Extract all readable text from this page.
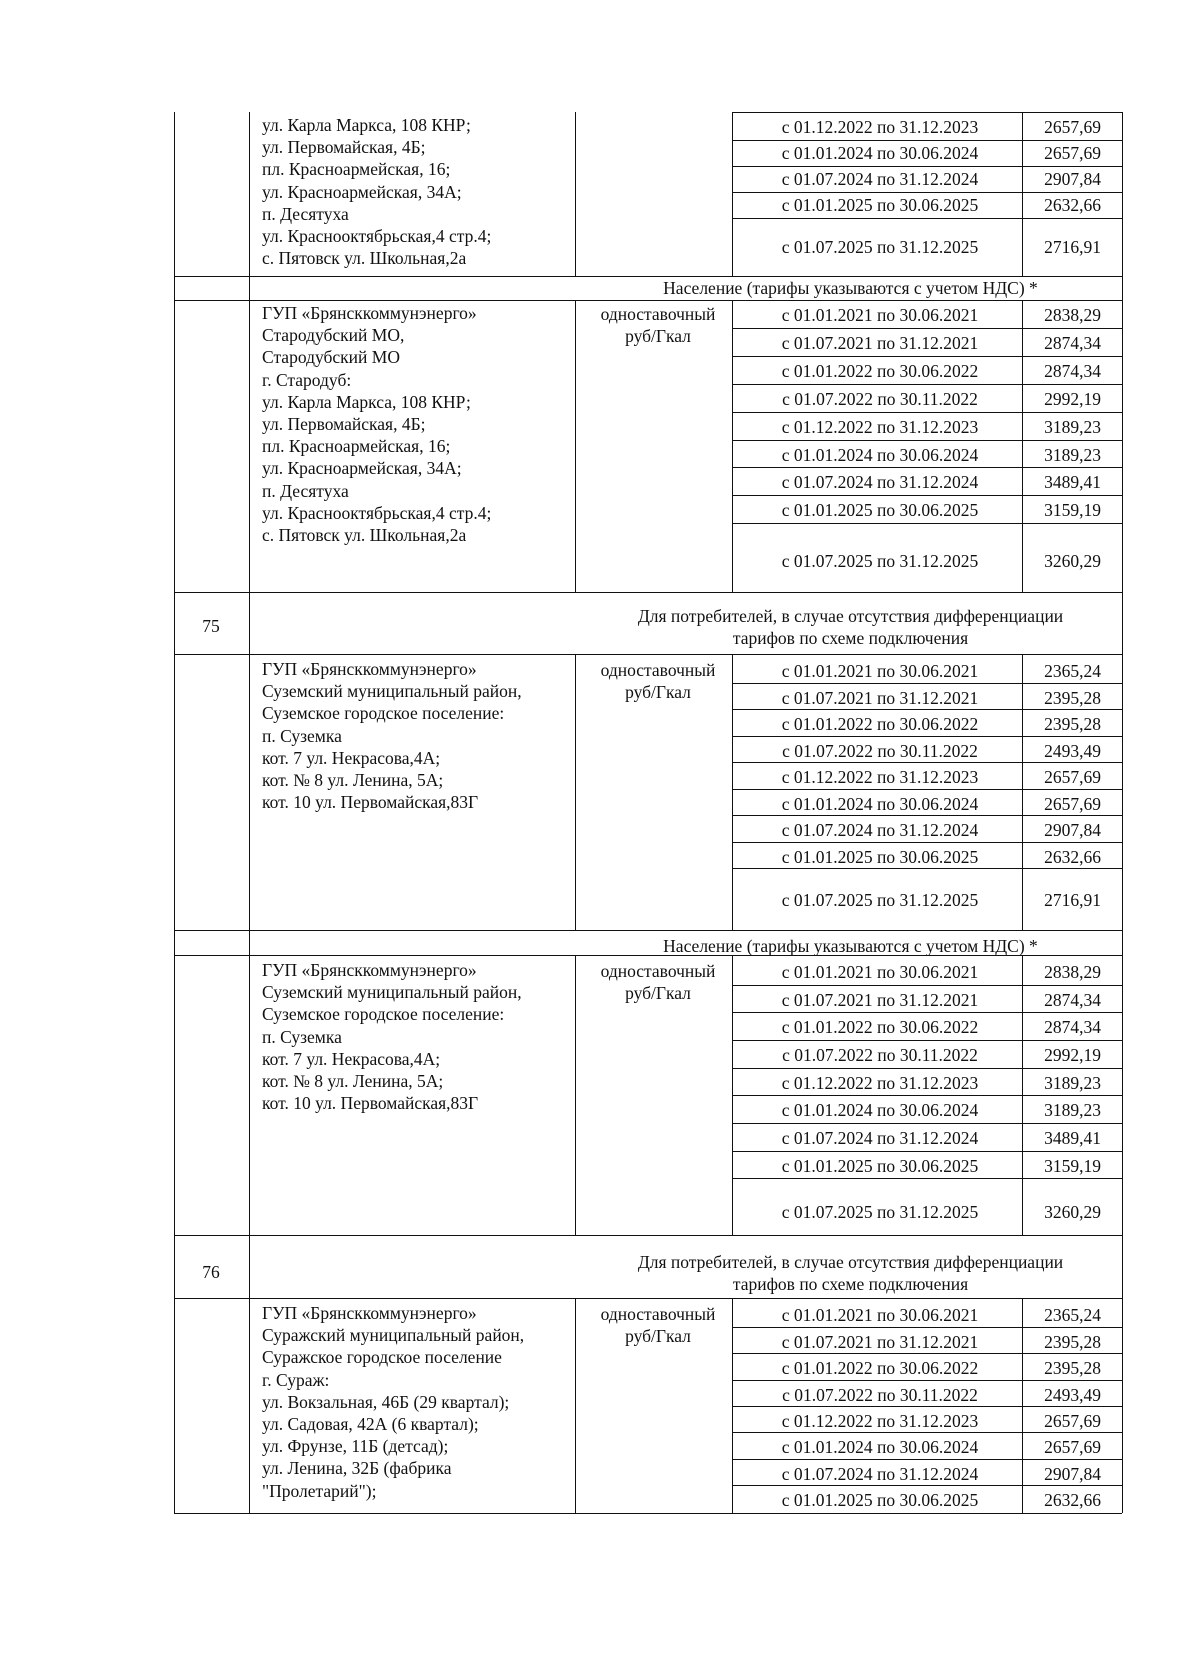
ул. Карла Маркса, 108 КНР;
ул. Первомайская, 4Б;
пл. Красноармейская, 16;
ул. Красноармейская, 34А;
п. Десятуха
ул. Краснооктябрьская,4 стр.4;
с. Пятовск ул. Школьная,2а
с 01.12.2022 по 31.12.2023	2657,69
с 01.01.2024 по 30.06.2024	2657,69
с 01.07.2024 по 31.12.2024	2907,84
с 01.01.2025 по 30.06.2025	2632,66
с 01.07.2025 по 31.12.2025	2716,91
Население (тарифы указываются с учетом НДС) *
ГУП «Брянсккоммунэнерго»
Стародубский МО,
Стародубский МО
г. Стародуб:
ул. Карла Маркса, 108 КНР;
ул. Первомайская, 4Б;
пл. Красноармейская, 16;
ул. Красноармейская, 34А;
п. Десятуха
ул. Краснооктябрьская,4 стр.4;
с. Пятовск ул. Школьная,2а
одноставочный
руб/Гкал
с 01.01.2021 по 30.06.2021	2838,29
с 01.07.2021 по 31.12.2021	2874,34
с 01.01.2022 по 30.06.2022	2874,34
с 01.07.2022 по 30.11.2022	2992,19
с 01.12.2022 по 31.12.2023	3189,23
с 01.01.2024 по 30.06.2024	3189,23
с 01.07.2024 по 31.12.2024	3489,41
с 01.01.2025 по 30.06.2025	3159,19
с 01.07.2025 по 31.12.2025	3260,29
75	Для потребителей, в случае отсутствия дифференциации
тарифов по схеме подключения
ГУП «Брянсккоммунэнерго»
Суземский муниципальный район,
Суземское городское поселение:
п. Суземка
кот. 7 ул. Некрасова,4А;
кот. № 8 ул. Ленина, 5А;
кот. 10 ул. Первомайская,83Г
одноставочный
руб/Гкал
с 01.01.2021 по 30.06.2021	2365,24
с 01.07.2021 по 31.12.2021	2395,28
с 01.01.2022 по 30.06.2022	2395,28
с 01.07.2022 по 30.11.2022	2493,49
с 01.12.2022 по 31.12.2023	2657,69
с 01.01.2024 по 30.06.2024	2657,69
с 01.07.2024 по 31.12.2024	2907,84
с 01.01.2025 по 30.06.2025	2632,66
с 01.07.2025 по 31.12.2025	2716,91
Население (тарифы указываются с учетом НДС) *
ГУП «Брянсккоммунэнерго»
Суземский муниципальный район,
Суземское городское поселение:
п. Суземка
кот. 7 ул. Некрасова,4А;
кот. № 8 ул. Ленина, 5А;
кот. 10 ул. Первомайская,83Г
одноставочный
руб/Гкал
с 01.01.2021 по 30.06.2021	2838,29
с 01.07.2021 по 31.12.2021	2874,34
с 01.01.2022 по 30.06.2022	2874,34
с 01.07.2022 по 30.11.2022	2992,19
с 01.12.2022 по 31.12.2023	3189,23
с 01.01.2024 по 30.06.2024	3189,23
с 01.07.2024 по 31.12.2024	3489,41
с 01.01.2025 по 30.06.2025	3159,19
с 01.07.2025 по 31.12.2025	3260,29
76	Для потребителей, в случае отсутствия дифференциации
тарифов по схеме подключения
ГУП «Брянсккоммунэнерго»
Суражский муниципальный район,
Суражское городское поселение
г. Сураж:
ул. Вокзальная, 46Б (29 квартал);
ул. Садовая, 42А (6 квартал);
ул. Фрунзе, 11Б (детсад);
ул. Ленина, 32Б (фабрика
"Пролетарий");
одноставочный
руб/Гкал
с 01.01.2021 по 30.06.2021	2365,24
с 01.07.2021 по 31.12.2021	2395,28
с 01.01.2022 по 30.06.2022	2395,28
с 01.07.2022 по 30.11.2022	2493,49
с 01.12.2022 по 31.12.2023	2657,69
с 01.01.2024 по 30.06.2024	2657,69
с 01.07.2024 по 31.12.2024	2907,84
с 01.01.2025 по 30.06.2025	2632,66
